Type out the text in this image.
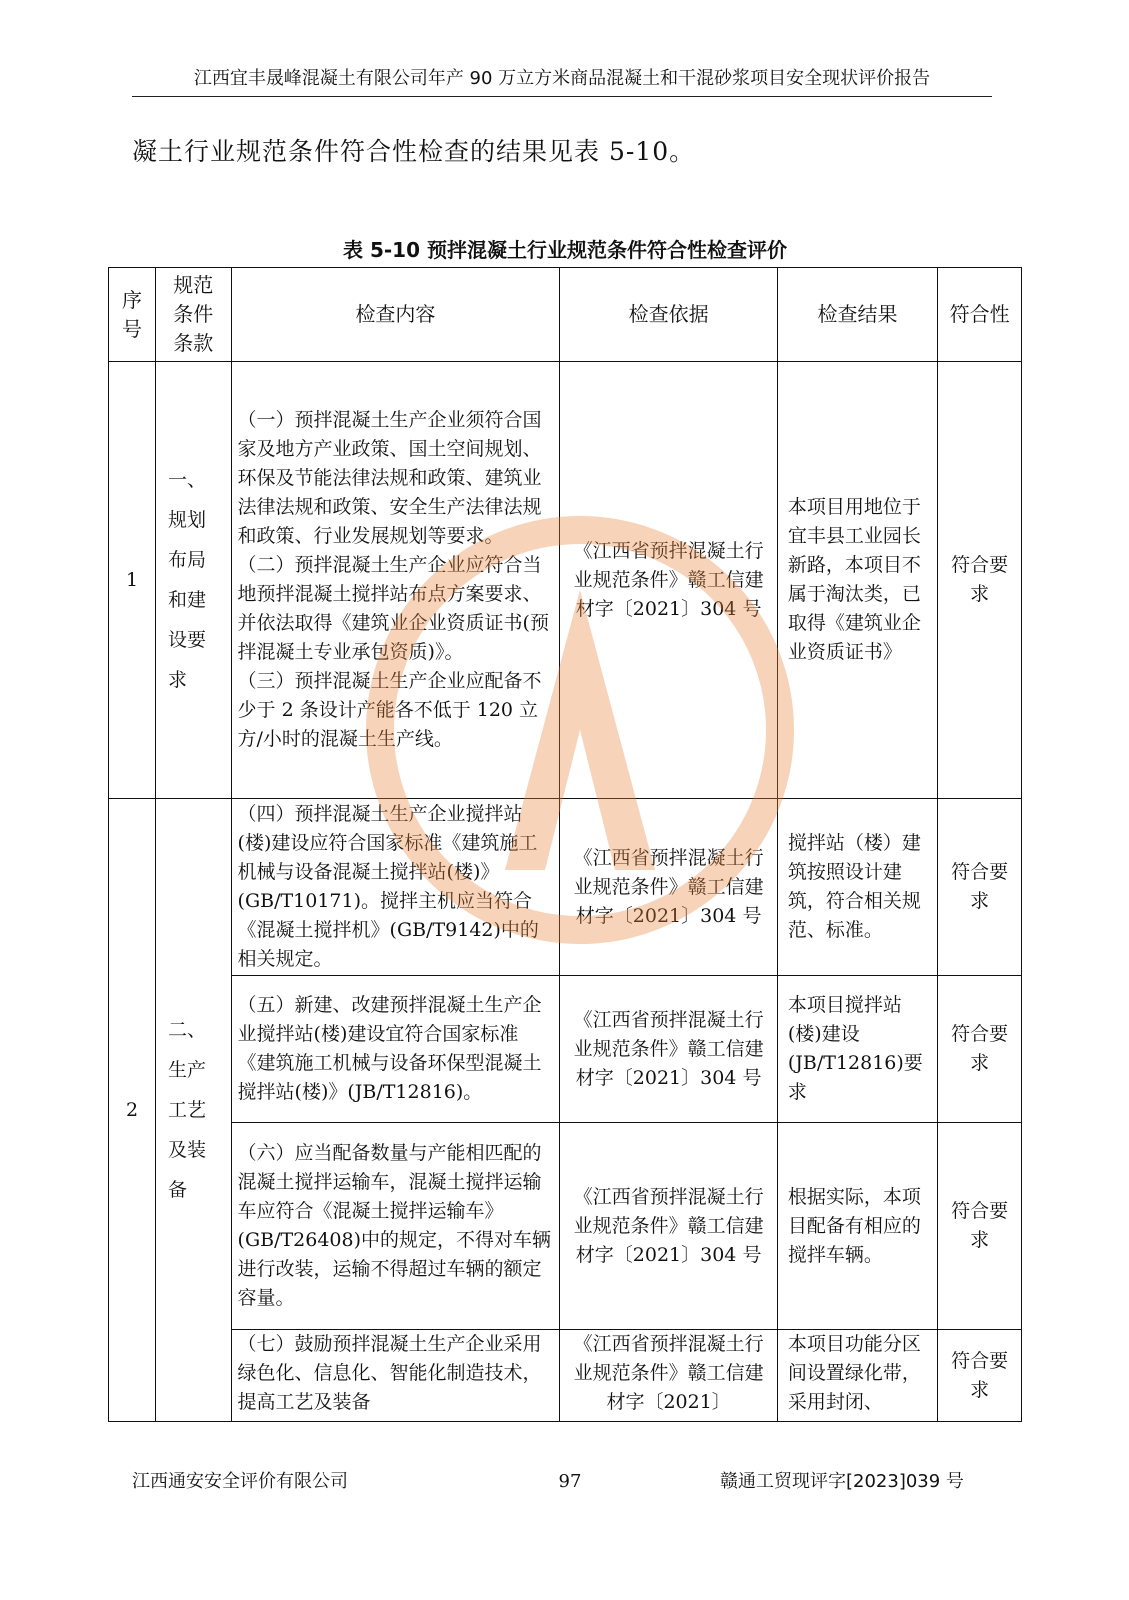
江西宜丰晟峰混凝土有限公司年产 90 万立方米商品混凝土和干混砂浆项目安全现状评价报告
凝土行业规范条件符合性检查的结果见表 5-10。
表 5-10 预拌混凝土行业规范条件符合性检查评价
序号	规范条件条款	检查内容	检查依据	检查结果	符合性
1	一、规划布局和建设要求	（一）预拌混凝土生产企业须符合国家及地方产业政策、国土空间规划、环保及节能法律法规和政策、建筑业法律法规和政策、安全生产法律法规和政策、行业发展规划等要求。
（二）预拌混凝土生产企业应符合当地预拌混凝土搅拌站布点方案要求、并依法取得《建筑业企业资质证书(预拌混凝土专业承包资质)》。
（三）预拌混凝土生产企业应配备不少于 2 条设计产能各不低于 120 立方/小时的混凝土生产线。	《江西省预拌混凝土行业规范条件》赣工信建材字〔2021〕304 号	本项目用地位于宜丰县工业园长新路，本项目不属于淘汰类，已取得《建筑业企业资质证书》	符合要求
2	二、生产工艺及装备	（四）预拌混凝土生产企业搅拌站(楼)建设应符合国家标准《建筑施工机械与设备混凝土搅拌站(楼)》(GB/T10171)。搅拌主机应当符合《混凝土搅拌机》(GB/T9142)中的相关规定。	《江西省预拌混凝土行业规范条件》赣工信建材字〔2021〕304 号	搅拌站（楼）建筑按照设计建筑，符合相关规范、标准。	符合要求
		（五）新建、改建预拌混凝土生产企业搅拌站(楼)建设宜符合国家标准《建筑施工机械与设备环保型混凝土搅拌站(楼)》(JB/T12816)。	《江西省预拌混凝土行业规范条件》赣工信建材字〔2021〕304 号	本项目搅拌站(楼)建设(JB/T12816)要求	符合要求
		（六）应当配备数量与产能相匹配的混凝土搅拌运输车，混凝土搅拌运输车应符合《混凝土搅拌运输车》(GB/T26408)中的规定，不得对车辆进行改装，运输不得超过车辆的额定容量。	《江西省预拌混凝土行业规范条件》赣工信建材字〔2021〕304 号	根据实际，本项目配备有相应的搅拌车辆。	符合要求
		（七）鼓励预拌混凝土生产企业采用绿色化、信息化、智能化制造技术，提高工艺及装备	《江西省预拌混凝土行业规范条件》赣工信建材字〔2021〕	本项目功能分区间设置绿化带，采用封闭、	符合要求
江西通安安全评价有限公司	97	赣通工贸现评字[2023]039 号
